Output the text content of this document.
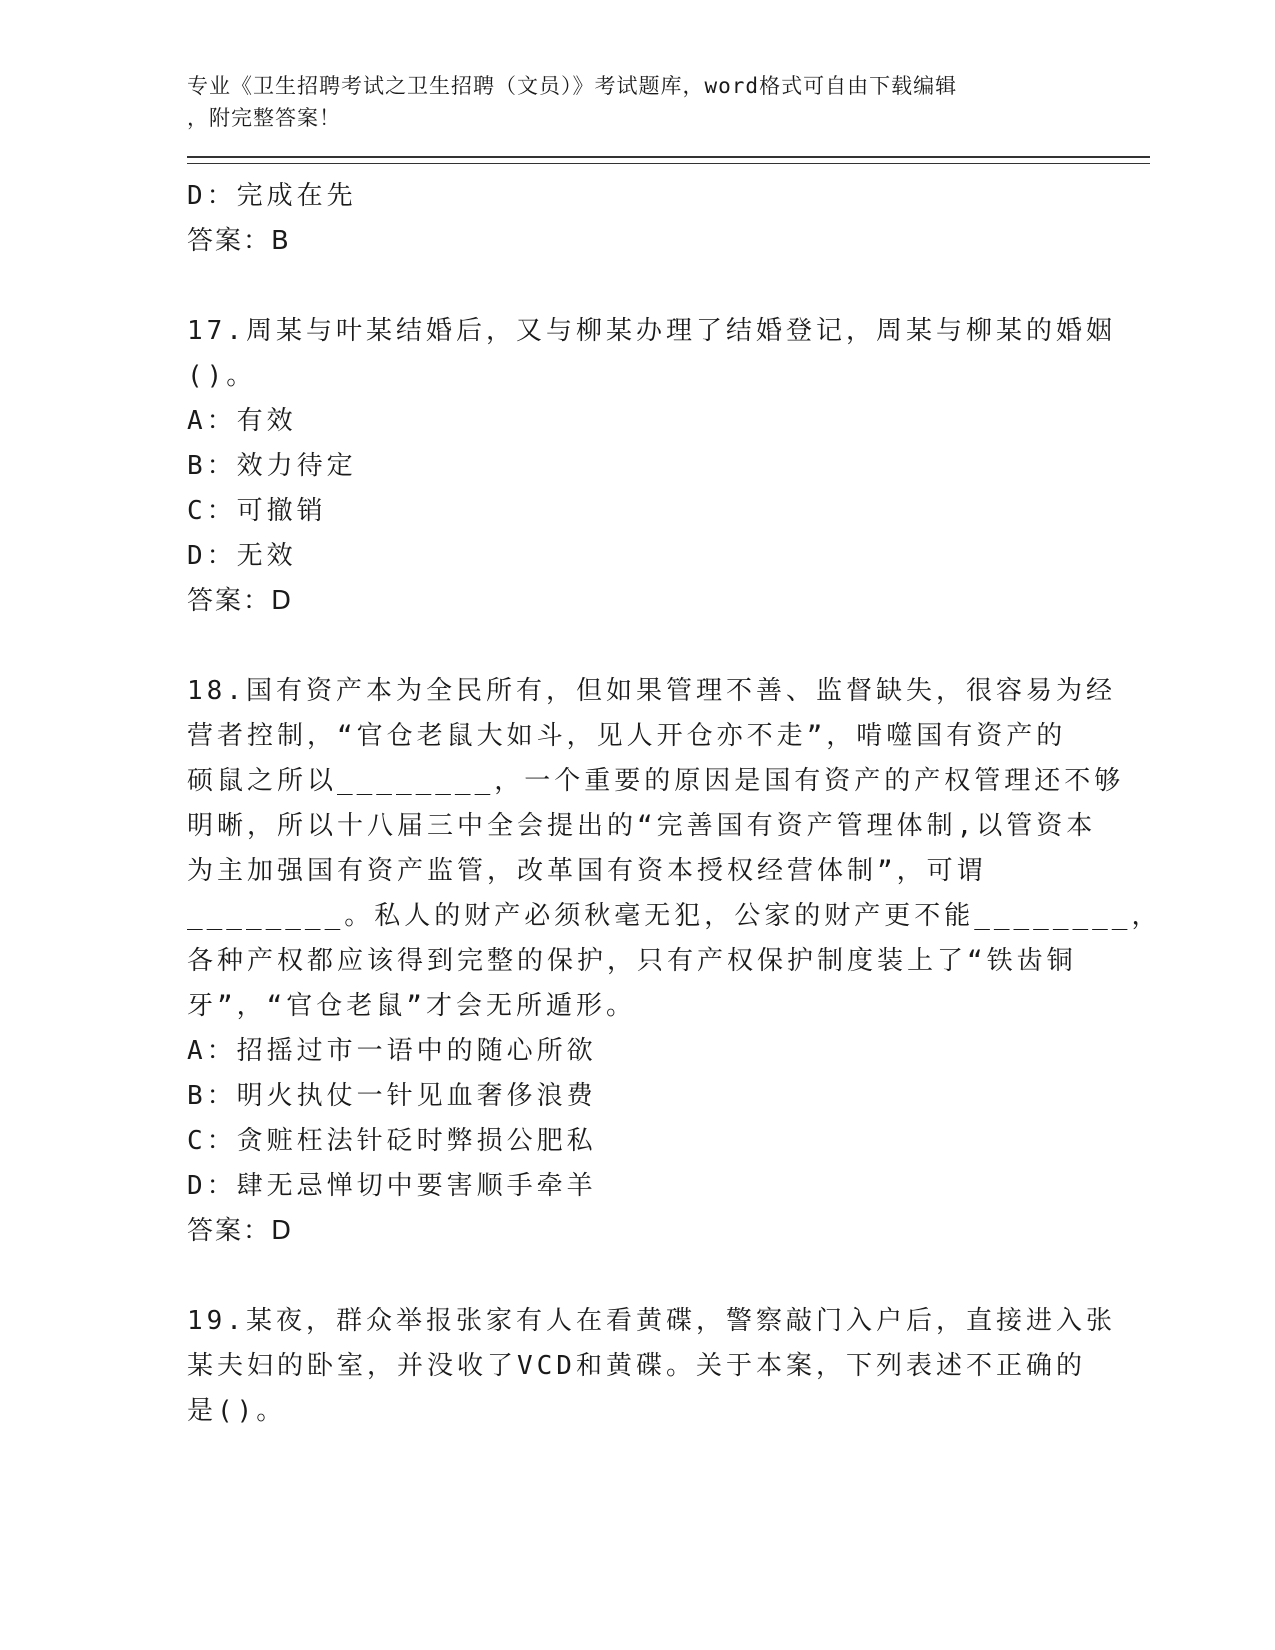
专业《卫生招聘考试之卫生招聘（文员）》考试题库，word格式可自由下载编辑
，附完整答案！
D：完成在先
答案：B
17.周某与叶某结婚后，又与柳某办理了结婚登记，周某与柳某的婚姻
()。
A：有效
B：效力待定
C：可撤销
D：无效
答案：D
18.国有资产本为全民所有，但如果管理不善、监督缺失，很容易为经
营者控制，“官仓老鼠大如斗，见人开仓亦不走”，啃噬国有资产的
硕鼠之所以________，一个重要的原因是国有资产的产权管理还不够
明晰，所以十八届三中全会提出的“完善国有资产管理体制,以管资本
为主加强国有资产监管，改革国有资本授权经营体制”，可谓
________。私人的财产必须秋毫无犯，公家的财产更不能________，
各种产权都应该得到完整的保护，只有产权保护制度装上了“铁齿铜
牙”，“官仓老鼠”才会无所遁形。
A：招摇过市一语中的随心所欲
B：明火执仗一针见血奢侈浪费
C：贪赃枉法针砭时弊损公肥私
D：肆无忌惮切中要害顺手牵羊
答案：D
19.某夜，群众举报张家有人在看黄碟，警察敲门入户后，直接进入张
某夫妇的卧室，并没收了VCD和黄碟。关于本案，下列表述不正确的
是()。
